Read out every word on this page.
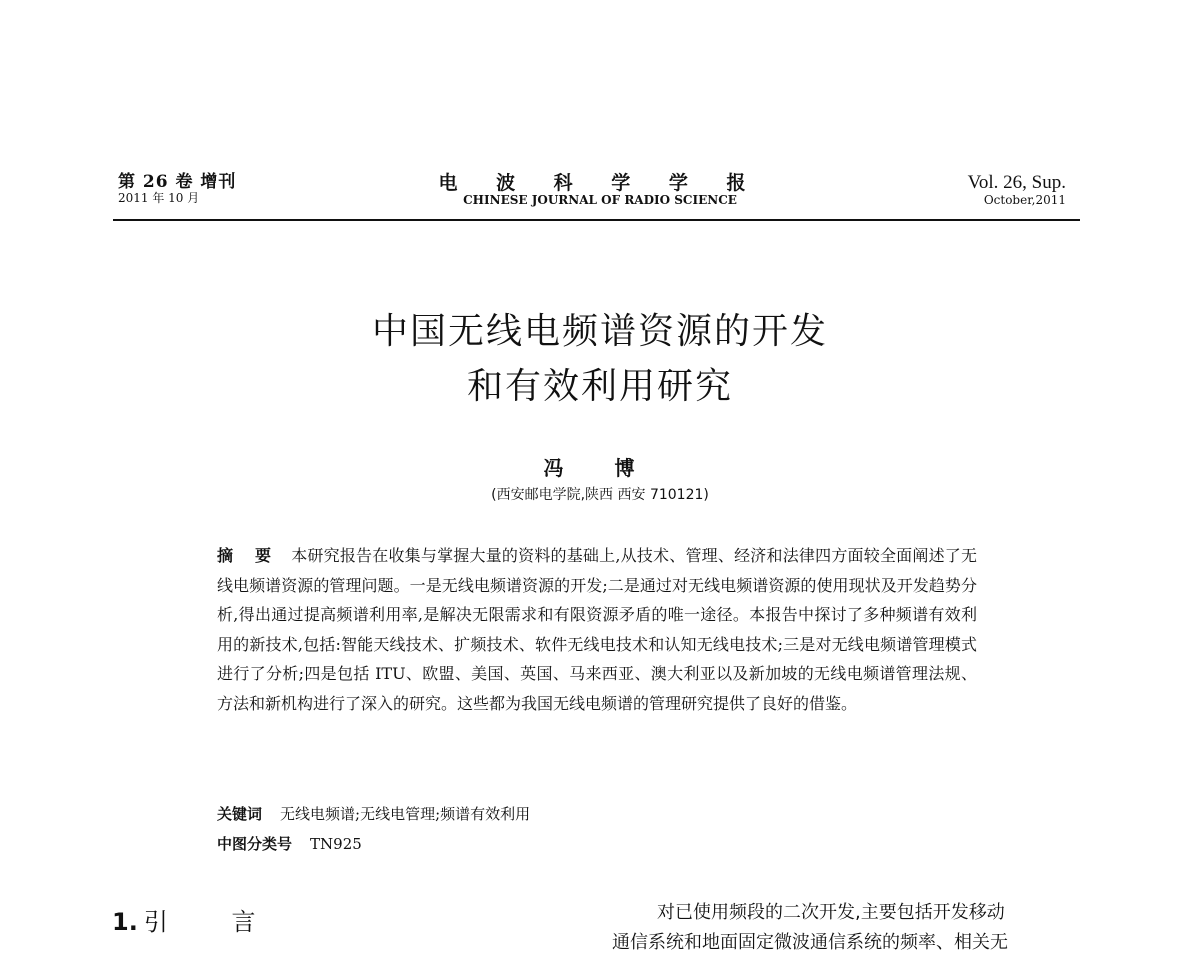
第 26 卷 增刊
2011 年 10 月
电 波 科 学 学 报
CHINESE JOURNAL OF RADIO SCIENCE
Vol. 26, Sup.
October,2011
中国无线电频谱资源的开发
和有效利用研究
冯 博
(西安邮电学院,陕西 西安 710121)

摘 要 本研究报告在收集与掌握大量的资料的基础上,从技术、管理、经济和法律四方面较全面阐述了无线电频谱资源的管理问题。一是无线电频谱资源的开发;二是通过对无线电频谱资源的使用现状及开发趋势分析,得出通过提高频谱利用率,是解决无限需求和有限资源矛盾的唯一途径。本报告中探讨了多种频谱有效利用的新技术,包括:智能天线技术、扩频技术、软件无线电技术和认知无线电技术;三是对无线电频谱管理模式进行了分析;四是包括 ITU、欧盟、美国、英国、马来西亚、澳大利亚以及新加坡的无线电频谱管理法规、方法和新机构进行了深入的研究。这些都为我国无线电频谱的管理研究提供了良好的借鉴。

关键词 无线电频谱;无线电管理;频谱有效利用
中图分类号 TN925
1. 引 言	对已使用频段的二次开发,主要包括开发移动
通信系统和地面固定微波通信系统的频率、相关无
